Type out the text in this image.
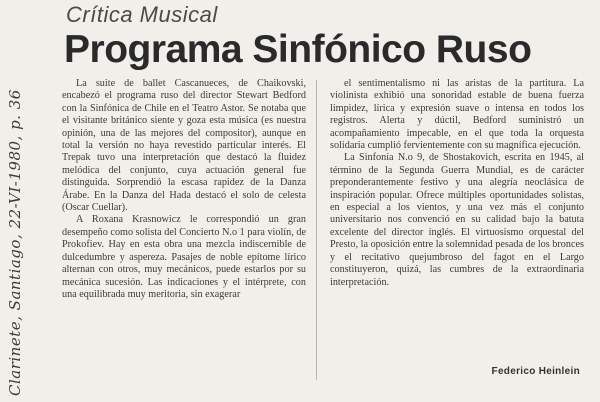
Clarinete, Santiago, 22-VI-1980, p. 36
Crítica Musical
Programa Sinfónico Ruso

La suite de ballet Cascanueces, de Chaikovski, encabezó el programa ruso del director Stewart Bedford con la Sinfónica de Chile en el Teatro Astor. Se notaba que el visitante británico siente y goza esta música (es nuestra opinión, una de las mejores del compositor), aunque en total la versión no haya revestido particular interés. El Trepak tuvo una interpretación que destacó la fluidez melódica del conjunto, cuya actuación general fue distinguida. Sorprendió la escasa rapidez de la Danza Árabe. En la Danza del Hada destacó el solo de celesta (Oscar Cuellar).

A Roxana Krasnowicz le correspondió un gran desempeño como solista del Concierto N.o 1 para violín, de Prokofiev. Hay en esta obra una mezcla indiscernible de dulcedumbre y aspereza. Pasajes de noble epítome lírico alternan con otros, muy mecánicos, puede estarlos por su mecánica sucesión. Las indicaciones y el intérprete, con una equilibrada muy meritoria, sin exagerar

el sentimentalismo ni las aristas de la partitura. La violinista exhibió una sonoridad estable de buena fuerza limpidez, lírica y expresión suave o intensa en todos los registros. Alerta y dúctil, Bedford suministró un acompañamiento impecable, en el que toda la orquesta solidaria cumplió fervientemente con su magnífica ejecución.

La Sinfonía N.o 9, de Shostakovich, escrita en 1945, al término de la Segunda Guerra Mundial, es de carácter preponderantemente festivo y una alegría neoclásica de inspiración popular. Ofrece múltiples oportunidades solistas, en especial a los vientos, y una vez más el conjunto universitario nos convenció en su calidad bajo la batuta excelente del director inglés. El virtuosismo orquestal del Presto, la oposición entre la solemnidad pesada de los bronces y el recitativo quejumbroso del fagot en el Largo constituyeron, quizá, las cumbres de la extraordinaria interpretación.

Federico Heinlein
